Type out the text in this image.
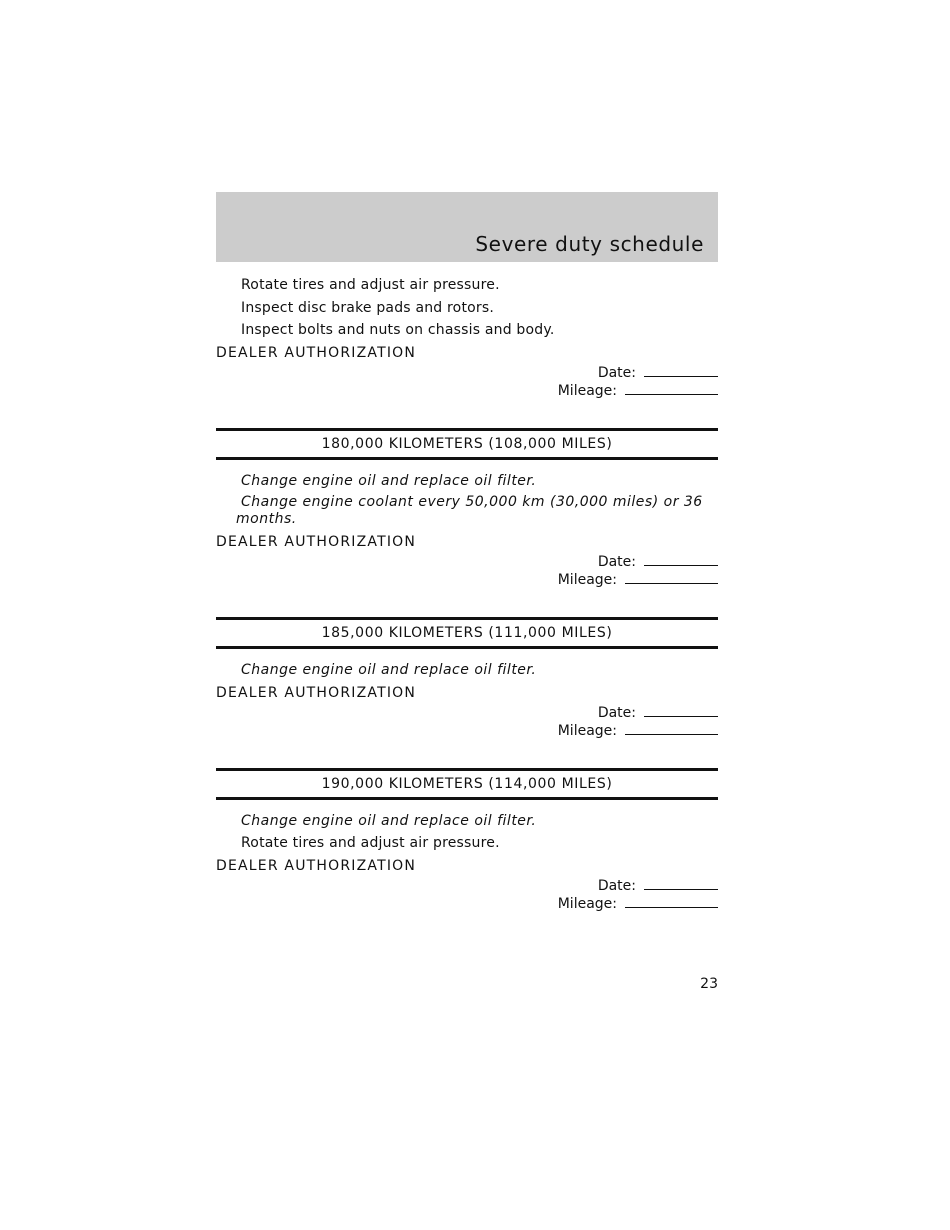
Severe duty schedule
Rotate tires and adjust air pressure.
Inspect disc brake pads and rotors.
Inspect bolts and nuts on chassis and body.
DEALER AUTHORIZATION
Date:
Mileage:
180,000 KILOMETERS (108,000 MILES)
Change engine oil and replace oil filter.
Change engine coolant every 50,000 km (30,000 miles) or 36 months.
DEALER AUTHORIZATION
Date:
Mileage:
185,000 KILOMETERS (111,000 MILES)
Change engine oil and replace oil filter.
DEALER AUTHORIZATION
Date:
Mileage:
190,000 KILOMETERS (114,000 MILES)
Change engine oil and replace oil filter.
Rotate tires and adjust air pressure.
DEALER AUTHORIZATION
Date:
Mileage:
23
